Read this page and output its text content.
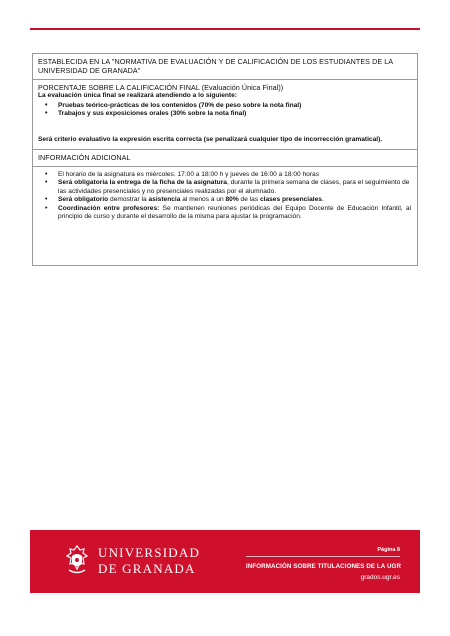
ESTABLECIDA EN LA "NORMATIVA DE EVALUACIÓN Y DE CALIFICACIÓN DE LOS ESTUDIANTES DE LA UNIVERSIDAD DE GRANADA"
PORCENTAJE SOBRE LA CALIFICACIÓN FINAL (Evaluación Única Final))
La evaluación única final se realizará atendiendo a lo siguiente:
• Pruebas teórico-prácticas de los contenidos (70% de peso sobre la nota final)
• Trabajos y sus exposiciones orales (30% sobre la nota final)
Será criterio evaluativo la expresión escrita correcta (se penalizará cualquier tipo de incorrección gramatical).
INFORMACIÓN ADICIONAL
• El horario de la asignatura es miércoles: 17:00 a 18:00 h y jueves de 16:00 a 18:00 horas
• Será obligatoria la entrega de la ficha de la asignatura, durante la primera semana de clases, para el seguimiento de las actividades presenciales y no presenciales realizadas por el alumnado.
• Será obligatorio demostrar la asistencia al menos a un 80% de las clases presenciales.
• Coordinación entre profesores: Se mantienen reuniones periódicas del Equipo Docente de Educación Infantil, al principio de curso y durante el desarrollo de la misma para ajustar la programación.
UNIVERSIDAD
DE GRANADA
Página 8
INFORMACIÓN SOBRE TITULACIONES DE LA UGR
grados.ugr.es
